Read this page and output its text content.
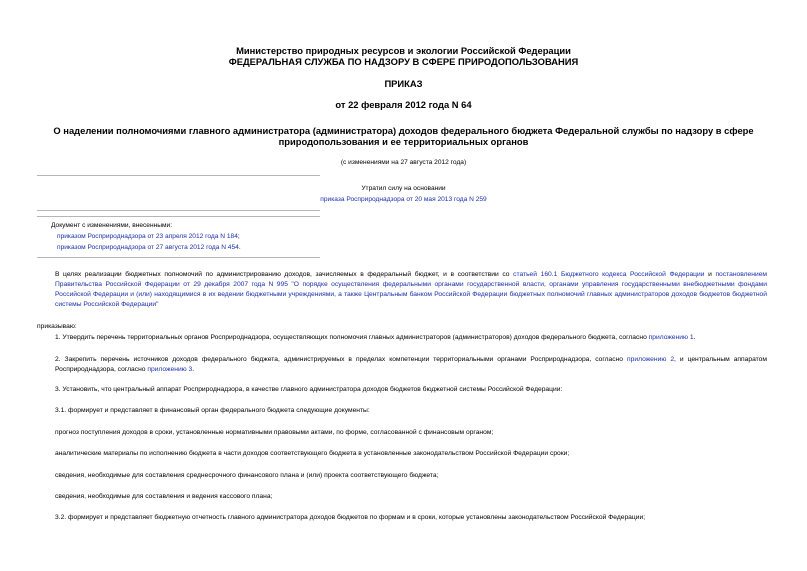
Министерство природных ресурсов и экологии Российской Федерации
ФЕДЕРАЛЬНАЯ СЛУЖБА ПО НАДЗОРУ В СФЕРЕ ПРИРОДОПОЛЬЗОВАНИЯ
ПРИКАЗ
от 22 февраля 2012 года N 64
О наделении полномочиями главного администратора (администратора) доходов федерального бюджета Федеральной службы по надзору в сфере
природопользования и ее территориальных органов
(с изменениями на 27 августа 2012 года)
Утратил силу на основании
приказа Росприроднадзора от 20 мая 2013 года N 259
Документ с изменениями, внесенными:
приказом Росприроднадзора от 23 апреля 2012 года N 184;
приказом Росприроднадзора от 27 августа 2012 года N 454.
В целях реализации бюджетных полномочий по администрированию доходов, зачисляемых в федеральный бюджет, и в соответствии со статьей 160.1 Бюджетного кодекса Российской Федерации и постановлением Правительства Российской Федерации от 29 декабря 2007 года N 995 "О порядке осуществления федеральными органами государственной власти, органами управления государственными внебюджетными фондами Российской Федерации и (или) находящимися в их ведении бюджетными учреждениями, а также Центральным банком Российской Федерации бюджетных полномочий главных администраторов доходов бюджетов бюджетной системы Российской Федерации"
приказываю:
1. Утвердить перечень территориальных органов Росприроднадзора, осуществляющих полномочия главных администраторов (администраторов) доходов федерального бюджета, согласно приложению 1.
2. Закрепить перечень источников доходов федерального бюджета, администрируемых в пределах компетенции территориальными органами Росприроднадзора, согласно приложению 2, и центральным аппаратом Росприроднадзора, согласно приложению 3.
3. Установить, что центральный аппарат Росприроднадзора, в качестве главного администратора доходов бюджетов бюджетной системы Российской Федерации:
3.1. формирует и представляет в финансовый орган федерального бюджета следующие документы:
прогноз поступления доходов в сроки, установленные нормативными правовыми актами, по форме, согласованной с финансовым органом;
аналитические материалы по исполнению бюджета в части доходов соответствующего бюджета в установленные законодательством Российской Федерации сроки;
сведения, необходимые для составления среднесрочного финансового плана и (или) проекта соответствующего бюджета;
сведения, необходимые для составления и ведения кассового плана;
3.2. формирует и представляет бюджетную отчетность главного администратора доходов бюджетов по формам и в сроки, которые установлены законодательством Российской Федерации;
